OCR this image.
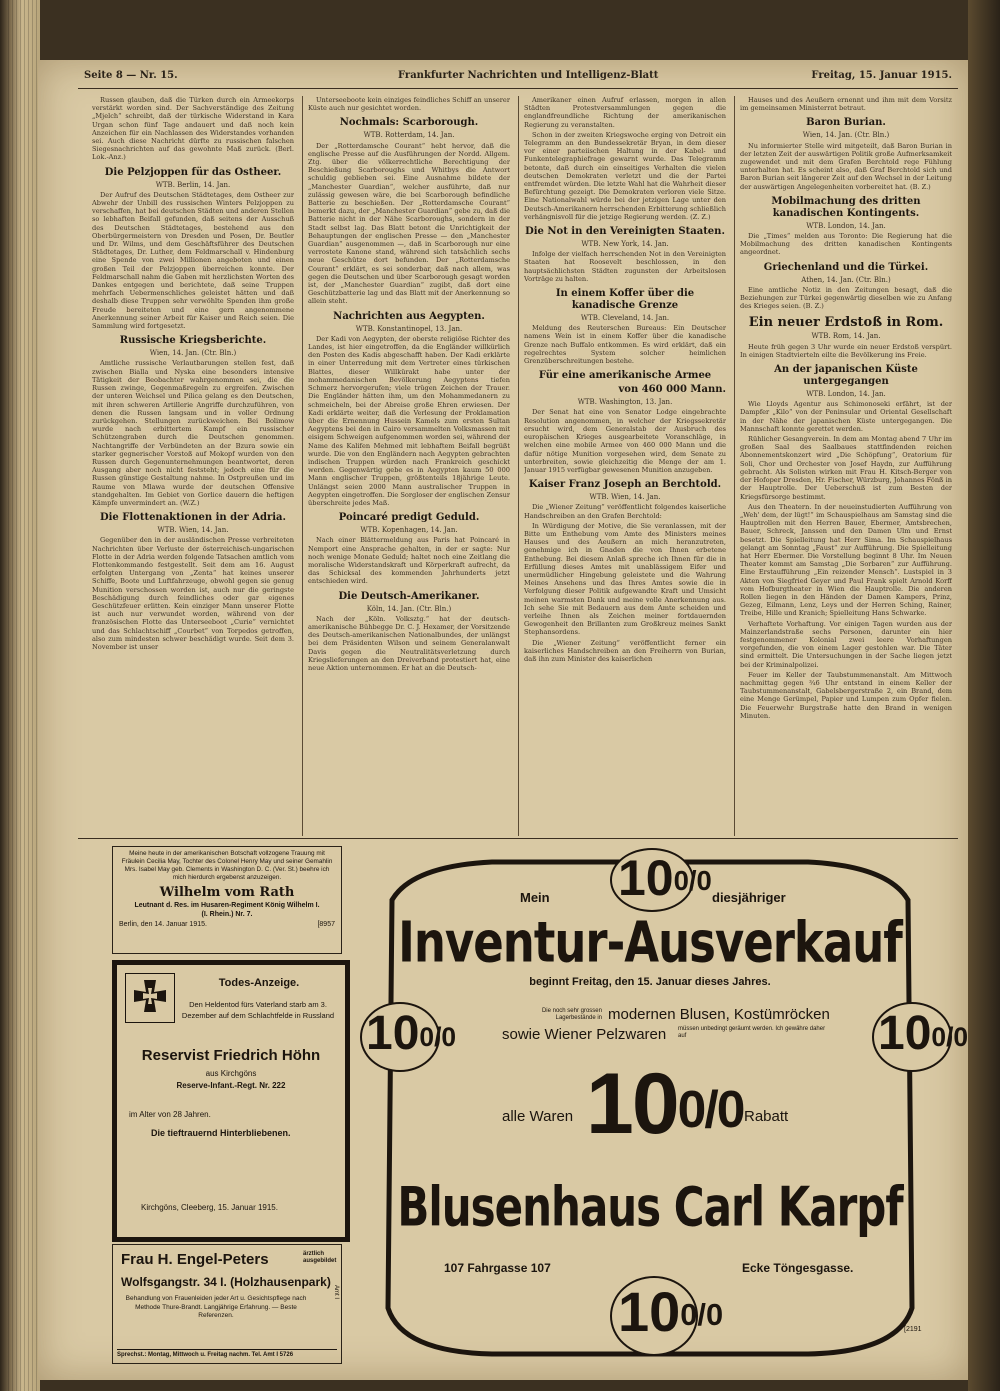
Seite 8 — Nr. 15.	Frankfurter Nachrichten und Intelligenz-Blatt	Freitag, 15. Januar 1915.

Russen glauben, daß die Türken durch ein Armeekorps verstärkt worden sind. Der Sachverständige des Zeitung „Mjelch“ schreibt, daß der türkische Widerstand in Kara Urgan schon fünf Tage andauert und daß noch kein Anzeichen für ein Nachlassen des Widerstandes vorhanden sei. Auch diese Nachricht dürfte zu russischen falschen Siegesnachrichten auf das gewohnte Maß zurück. (Berl. Lok.-Anz.)

Die Pelzjoppen für das Ostheer.
WTB. Berlin, 14. Jan.

Der Aufruf des Deutschen Städtetages, dem Ostheer zur Abwehr der Unbill des russischen Winters Pelzjoppen zu verschaffen, hat bei deutschen Städten und anderen Stellen so lebhaften Beifall gefunden, daß seitens der Ausschuß des Deutschen Städtetages, bestehend aus den Oberbürgermeistern von Dresden und Posen, Dr. Beutler und Dr. Wilms, und dem Geschäftsführer des Deutschen Städtetages, Dr. Luther, dem Feldmarschall v. Hindenburg eine Spende von zwei Millionen angeboten und einen großen Teil der Pelzjoppen überreichen konnte. Der Feldmarschall nahm die Gaben mit herzlichsten Worten des Dankes entgegen und berichtete, daß seine Truppen mehrfach Uebermenschliches geleistet hätten und daß deshalb diese Truppen sehr verwöhlte Spenden ihm große Freude bereiteten und eine gern angenommene Anerkennung seiner Arbeit für Kaiser und Reich seien. Die Sammlung wird fortgesetzt.

Russische Kriegsberichte.
Wien, 14. Jan. (Ctr. Bln.)

Amtliche russische Verlautbarungen stellen fest, daß zwischen Bialla und Nyska eine besonders intensive Tätigkeit der Beobachter wahrgenommen sei, die die Russen zwinge, Gegenmaßregeln zu ergreifen. Zwischen der unteren Weichsel und Pilica gelang es den Deutschen, mit ihren schweren Artillerie Angriffe durchzuführen, von denen die Russen langsam und in voller Ordnung zurückgehen. Stellungen zurückweichen. Bei Bolimow wurde nach erbittertem Kampf ein russischer Schützengraben durch die Deutschen genommen. Nachtangriffe der Verbündeten an der Bzura sowie ein starker gegnerischer Vorstoß auf Mokopf wurden von den Russen durch Gegenunternehmungen beantwortet, deren Ausgang aber noch nicht feststeht; jedoch eine für die Russen günstige Gestaltung nahme. In Ostpreußen und im Raume von Mlawa wurde der deutschen Offensive standgehalten. Im Gebiet von Gorlice dauern die heftigen Kämpfe unvermindert an. (W.Z.)

Die Flottenaktionen in der Adria.
WTB. Wien, 14. Jan.

Gegenüber den in der ausländischen Presse verbreiteten Nachrichten über Verluste der österreichisch-ungarischen Flotte in der Adria werden folgende Tatsachen amtlich vom Flottenkommando festgestellt. Seit dem am 16. August erfolgten Untergang von „Zenta“ hat keines unserer Schiffe, Boote und Luftfahrzeuge, obwohl gegen sie genug Munition verschossen worden ist, auch nur die geringste Beschädigung durch feindliches oder gar eigenes Geschützfeuer erlitten. Kein einziger Mann unserer Flotte ist auch nur verwundet worden, während von der französischen Flotte das Unterseeboot „Curie“ vernichtet und das Schlachtschiff „Courbet“ von Torpedos getroffen, also zum mindesten schwer beschädigt wurde. Seit dem 3. November ist unser

Unterseeboote kein einziges feindliches Schiff an unserer Küste auch nur gesichtet worden.

Nochmals: Scarborough.
WTB. Rotterdam, 14. Jan.

Der „Rotterdamsche Courant“ hebt hervor, daß die englische Presse auf die Ausführungen der Nordd. Allgem. Ztg. über die völkerrechtliche Berechtigung der Beschießung Scarboroughs und Whitbys die Antwort schuldig geblieben sei. Eine Ausnahme bildete der „Manchester Guardian“, welcher ausführte, daß nur zulässig gewesen wäre, die bei Scarborough befindliche Batterie zu beschießen. Der „Rotterdamsche Courant“ bemerkt dazu, der „Manchester Guardian“ gebe zu, daß die Batterie nicht in der Nähe Scarboroughs, sondern in der Stadt selbst lag. Das Blatt betont die Unrichtigkeit der Behauptungen der englischen Presse — den „Manchester Guardian“ ausgenommen —, daß in Scarborough nur eine verrostete Kanone stand, während sich tatsächlich sechs neue Geschütze dort befunden. Der „Rotterdamsche Courant“ erklärt, es sei sonderbar, daß nach allem, was gegen die Deutschen und über Scarborough gesagt worden ist, der „Manchester Guardian“ zugibt, daß dort eine Geschützbatterie lag und das Blatt mit der Anerkennung so allein steht.

Nachrichten aus Aegypten.
WTB. Konstantinopel, 13. Jan.

Der Kadi von Aegypten, der oberste religiöse Richter des Landes, ist hier eingetroffen, da die Engländer willkürlich den Posten des Kadis abgeschafft haben. Der Kadi erklärte in einer Unterredung mit dem Vertreter eines türkischen Blattes, dieser Willkürakt habe unter der mohammedanischen Bevölkerung Aegyptens tiefen Schmerz hervorgerufen; viele trügen Zeichen der Trauer. Die Engländer hätten ihm, um den Mohammedanern zu schmeicheln, bei der Abreise große Ehren erwiesen. Der Kadi erklärte weiter, daß die Verlesung der Proklamation über die Ernennung Hussein Kamels zum ersten Sultan Aegyptens bei den in Cairo versammelten Volksmassen mit eisigem Schweigen aufgenommen worden sei, während der Name des Kalifen Mehmed mit lebhaftem Beifall begrüßt wurde. Die von den Engländern nach Aegypten gebrachten indischen Truppen würden nach Frankreich geschickt werden. Gegenwärtig gebe es in Aegypten kaum 50 000 Mann englischer Truppen, größtenteils 18jährige Leute. Unlängst seien 2000 Mann australischer Truppen in Aegypten eingetroffen. Die Sorgloser der englischen Zensur überschreite jedes Maß.

Poincaré predigt Geduld.
WTB. Kopenhagen, 14. Jan.

Nach einer Blättermeldung aus Paris hat Poincaré in Nemport eine Ansprache gehalten, in der er sagte: Nur noch wenige Monate Geduld; haltet noch eine Zeitlang die moralische Widerstandskraft und Körperkraft aufrecht, da das Schicksal des kommenden Jahrhunderts jetzt entschieden wird.

Die Deutsch-Amerikaner.
Köln, 14. Jan. (Ctr. Bln.)

Nach der „Köln. Volksztg.“ hat der deutsch-amerikanische Bühbegge Dr. C. J. Hexamer, der Vorsitzende des Deutsch-amerikanischen Nationalbundes, der unlängst bei dem Präsidenten Wilson und seinem Generalanwalt Davis gegen die Neutralitätsverletzung durch Kriegslieferungen an den Dreiverband protestiert hat, eine neue Aktion unternommen. Er hat an die Deutsch-

Amerikaner einen Aufruf erlassen, morgen in allen Städten Protestversammlungen gegen die englandfreundliche Richtung der amerikanischen Regierung zu veranstalten.

Schon in der zweiten Kriegswoche erging von Detroit ein Telegramm an den Bundessekretär Bryan, in dem dieser vor einer parteiischen Haltung in der Kabel- und Funkentelegraphiefrage gewarnt wurde. Das Telegramm betonte, daß durch ein einseitiges Verhalten die vielen deutschen Demokraten verletzt und die der Partei entfremdet würden. Die letzte Wahl hat die Wahrheit dieser Befürchtung gezeigt. Die Demokraten verloren viele Sitze. Eine Nationalwahl würde bei der jetzigen Lage unter den Deutsch-Amerikanern herrschenden Erbitterung schließlich verhängnisvoll für die jetzige Regierung werden. (Z. Z.)

Die Not in den Vereinigten Staaten.
WTB. New York, 14. Jan.

Infolge der vielfach herrschenden Not in den Vereinigten Staaten hat Roosevelt beschlossen, in den hauptsächlichsten Städten zugunsten der Arbeitslosen Vorträge zu halten.

In einem Koffer über die kanadische Grenze
WTB. Cleveland, 14. Jan.

Meldung des Reuterschen Bureaus: Ein Deutscher namens Wein ist in einem Koffer über die kanadische Grenze nach Buffalo entkommen. Es wird erklärt, daß ein regelrechtes System solcher heimlichen Grenzüberschreitungen bestehe.

Für eine amerikanische Armee
von 460 000 Mann.
WTB. Washington, 13. Jan.

Der Senat hat eine von Senator Lodge eingebrachte Resolution angenommen, in welcher der Kriegssekretär ersucht wird, dem Generalstab der Ausbruch des europäischen Krieges ausgearbeitete Voranschläge, in welchen eine mobile Armee von 460 000 Mann und die dafür nötige Munition vorgesehen wird, dem Senate zu unterbreiten, sowie gleichzeitig die Menge der am 1. Januar 1915 verfügbar gewesenen Munition anzugeben.

Kaiser Franz Joseph an Berchtold.
WTB. Wien, 14. Jan.

Die „Wiener Zeitung“ veröffentlicht folgendes kaiserliche Handschreiben an den Grafen Berchtold:

In Würdigung der Motive, die Sie veranlassen, mit der Bitte um Enthebung vom Amte des Ministers meines Hauses und des Aeußern an mich heranzutreten, genehmige ich in Gnaden die von Ihnen erbetene Enthebung. Bei diesem Anlaß spreche ich Ihnen für die in Erfüllung dieses Amtes mit unablässigem Eifer und unermüdlicher Hingebung geleistete und die Wahrung Meines Ansehens und das Ihres Amtes sowie die in Verfolgung dieser Politik aufgewandte Kraft und Umsicht meinen warmsten Dank und meine volle Anerkennung aus. Ich sehe Sie mit Bedauern aus dem Amte scheiden und verleihe Ihnen als Zeichen meiner fortdauernden Gewogenheit den Brillanten zum Großkreuz meines Sankt Stephansordens.

Die „Wiener Zeitung“ veröffentlicht ferner ein kaiserliches Handschreiben an den Freiherrn von Burian, daß ihn zum Minister des kaiserlichen

Hauses und des Aeußern ernennt und ihm mit dem Vorsitz im gemeinsamen Ministerrat betraut.

Baron Burian.
Wien, 14. Jan. (Ctr. Bln.)

Nu informierter Stelle wird mitgeteilt, daß Baron Burian in der letzten Zeit der auswärtigen Politik große Aufmerksamkeit zugewendet und mit dem Grafen Berchtold rege Fühlung unterhalten hat. Es scheint also, daß Graf Berchtold sich und Baron Burian seit längerer Zeit auf den Wechsel in der Leitung der auswärtigen Angelegenheiten vorbereitet hat. (B. Z.)

Mobilmachung des dritten kanadischen Kontingents.
WTB. London, 14. Jan.

Die „Times“ melden aus Toronto: Die Regierung hat die Mobilmachung des dritten kanadischen Kontingents angeordnet.

Griechenland und die Türkei.
Athen, 14. Jan. (Ctr. Bln.)

Eine amtliche Notiz in den Zeitungen besagt, daß die Beziehungen zur Türkei gegenwärtig dieselben wie zu Anfang des Krieges seien. (B. Z.)

Ein neuer Erdstoß in Rom.
WTB. Rom, 14. Jan.

Heute früh gegen 3 Uhr wurde ein neuer Erdstoß verspürt. In einigen Stadtvierteln eilte die Bevölkerung ins Freie.

An der japanischen Küste untergegangen
WTB. London, 14. Jan.

Wie Lloyds Agentur aus Schimonoseki erfährt, ist der Dampfer „Kilo“ von der Peninsular und Oriental Gesellschaft in der Nähe der japanischen Küste untergegangen. Die Mannschaft konnte gerettet werden.

Rühlicher Gesangverein. In dem am Montag abend 7 Uhr im großen Saal des Saalbaues stattfindenden reichen Abonnementskonzert wird „Die Schöpfung“, Oratorium für Soli, Chor und Orchester von Josef Haydn, zur Aufführung gebracht. Als Solisten wirken mit Frau H. Kitsch-Berger von der Hofoper Dresden, Hr. Fischer, Würzburg, Johannes Fönß in der Hauptrolle. Der Ueberschuß ist zum Besten der Kriegsfürsorge bestimmt.

Aus den Theatern. In der neueinstudierten Aufführung von „Weh' dem, der lügt!“ im Schauspielhaus am Samstag sind die Hauptrollen mit den Herren Bauer, Ebermer, Amtsbrechen, Bauer, Schreck, Janssen und den Damen Ulm und Ernst besetzt. Die Spielleitung hat Herr Sima. Im Schauspielhaus gelangt am Sonntag „Faust“ zur Aufführung. Die Spielleitung hat Herr Ebermer. Die Vorstellung beginnt 8 Uhr. Im Neuen Theater kommt am Samstag „Die Sorbaren“ zur Aufführung. Eine Erstaufführung „Ein reizender Mensch“. Lustspiel in 3 Akten von Siegfried Geyer und Paul Frank spielt Arnold Korff vom Hofburgtheater in Wien die Hauptrolle. Die anderen Rollen liegen in den Händen der Damen Kampers, Prinz, Gezeg, Eilmann, Lenz, Leys und der Herren Sching, Rainer, Treibe, Hille und Kranich; Spielleitung Hans Schwarke.

Verhaftete Vorhaftung. Vor einigen Tagen wurden aus der Mainzerlandstraße sechs Personen, darunter ein hier festgenommener Kolonial zwei leere Vorhaftungen vorgefunden, die von einem Lager gestohlen war. Die Täter sind ermittelt. Die Untersuchungen in der Sache liegen jetzt bei der Kriminalpolizei.

Feuer im Keller der Taubstummenanstalt. Am Mittwoch nachmittag gegen ¾6 Uhr entstand in einem Keller der Taubstummenanstalt, Gabelsbergerstraße 2, ein Brand, dem eine Menge Gerümpel, Papier und Lumpen zum Opfer fielen. Die Feuerwehr Burgstraße hatte den Brand in wenigen Minuten.

Meine heute in der amerikanischen Botschaft vollzogene Trauung mit Fräulein Cecilia May, Tochter des Colonel Henry May und seiner Gemahlin Mrs. Isabel May geb. Clements in Washington D. C. (Ver. St.) beehre ich mich hierdurch ergebenst anzuzeigen.
Wilhelm vom Rath
Leutnant d. Res. im Husaren-Regiment König Wilhelm I. (I. Rhein.) Nr. 7.
Berlin, den 14. Januar 1915.	[8957
Todes-Anzeige.
Den Heldentod fürs Vaterland starb am 3. Dezember auf dem Schlachtfelde in Russland
Reservist Friedrich Höhn
aus Kirchgöns
Reserve-Infant.-Regt. Nr. 222
im Alter von 28 Jahren.
Die tieftrauernd Hinterbliebenen.
Kirchgöns, Cleeberg, 15. Januar 1915.
Frau H. Engel-Peters	ärztlich ausgebildet
Wolfsgangstr. 34 I. (Holzhausenpark)
Amt I
Behandlung von Frauenleiden jeder Art u. Gesichtspflege nach Methode Thure-Brandt. Langjährige Erfahrung. — Beste Referenzen.
Sprechst.: Montag, Mittwoch u. Freitag nachm. Tel. Amt I 5726
$10^{0/0}$
Mein	diesjähriger
Inventur-Ausverkauf
beginnt Freitag, den 15. Januar dieses Jahres.
Die noch sehr grossen Lagerbestände in modernen Blusen, Kostümröcken
sowie Wiener Pelzwaren müssen unbedingt geräumt werden. Ich gewähre daher auf
$10^{0/0}$	$10^{0/0}$
alle Waren $10^{0/0}$ Rabatt
Blusenhaus Carl Karpf
107 Fahrgasse 107	Ecke Töngesgasse.
$10^{0/0}$	[2191
